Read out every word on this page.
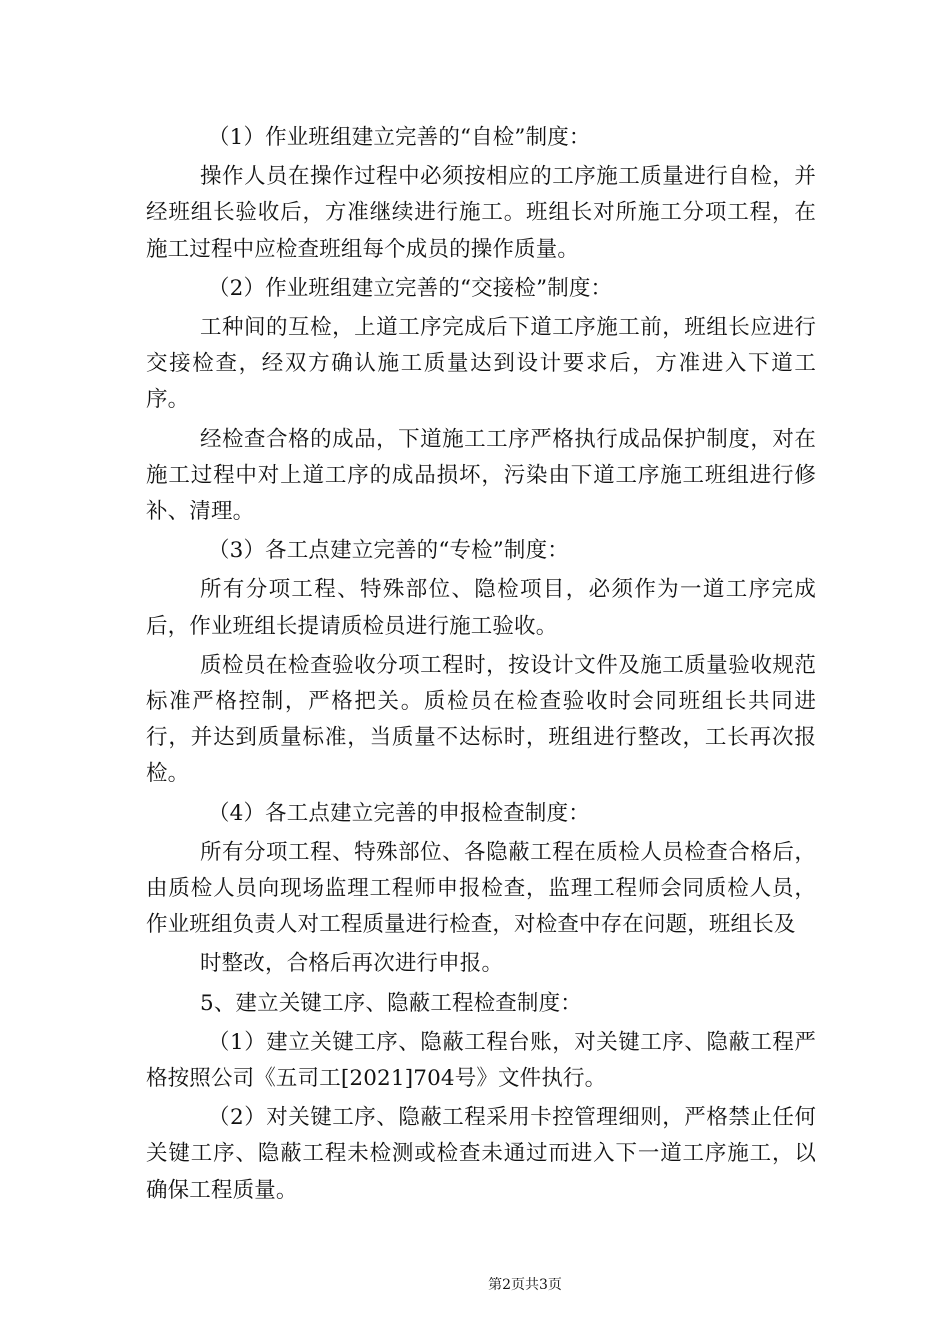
（1）作业班组建立完善的“自检”制度：

操作人员在操作过程中必须按相应的工序施工质量进行自检，并经班组长验收后，方准继续进行施工。班组长对所施工分项工程，在施工过程中应检查班组每个成员的操作质量。

（2）作业班组建立完善的“交接检”制度：

工种间的互检，上道工序完成后下道工序施工前，班组长应进行交接检查，经双方确认施工质量达到设计要求后，方准进入下道工序。

经检查合格的成品，下道施工工序严格执行成品保护制度，对在施工过程中对上道工序的成品损坏，污染由下道工序施工班组进行修补、清理。

（3）各工点建立完善的“专检”制度：

所有分项工程、特殊部位、隐检项目，必须作为一道工序完成后，作业班组长提请质检员进行施工验收。

质检员在检查验收分项工程时，按设计文件及施工质量验收规范标准严格控制，严格把关。质检员在检查验收时会同班组长共同进行，并达到质量标准，当质量不达标时，班组进行整改，工长再次报检。

（4）各工点建立完善的申报检查制度：

所有分项工程、特殊部位、各隐蔽工程在质检人员检查合格后，由质检人员向现场监理工程师申报检查，监理工程师会同质检人员，作业班组负责人对工程质量进行检查，对检查中存在问题，班组长及

时整改，合格后再次进行申报。

5、建立关键工序、隐蔽工程检查制度：

（1）建立关键工序、隐蔽工程台账，对关键工序、隐蔽工程严格按照公司《五司工[2021]704号》文件执行。

（2）对关键工序、隐蔽工程采用卡控管理细则，严格禁止任何关键工序、隐蔽工程未检测或检查未通过而进入下一道工序施工，以确保工程质量。

第2页共3页
